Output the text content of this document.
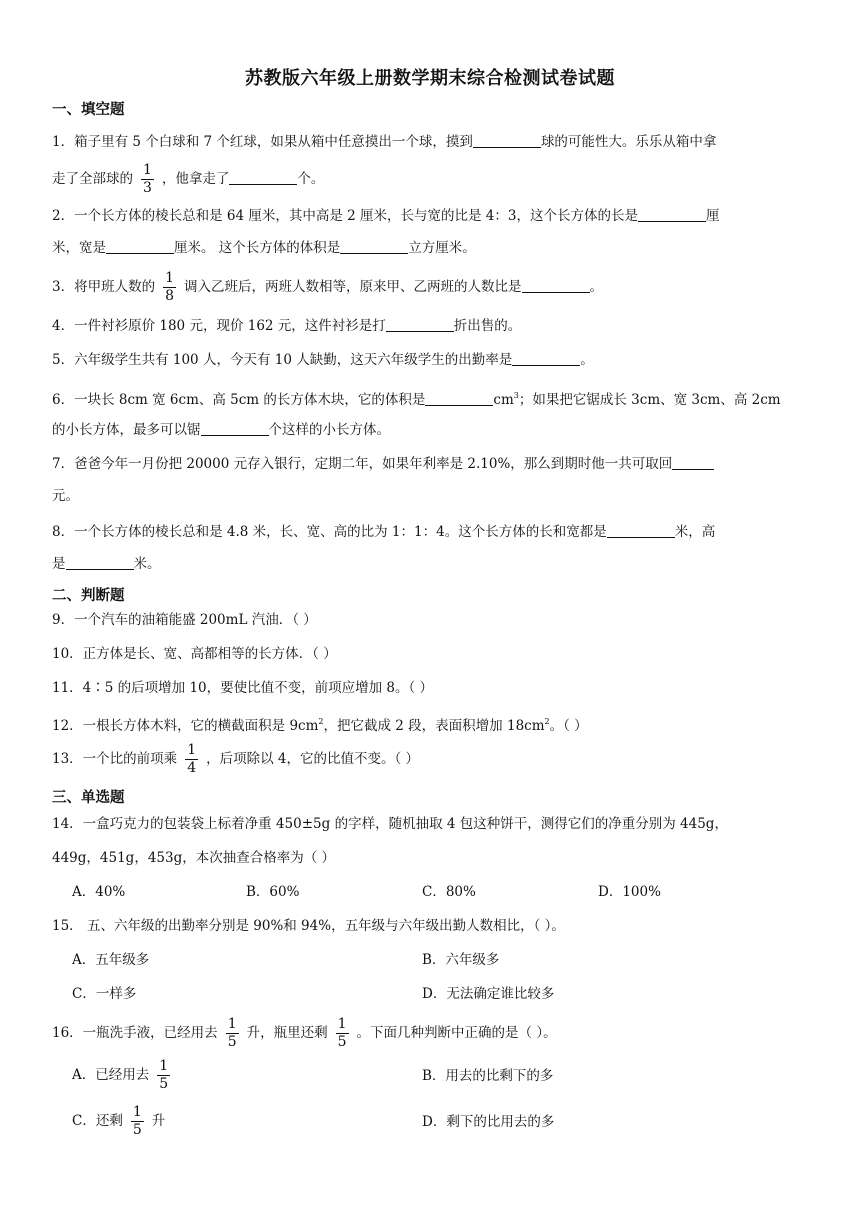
苏教版六年级上册数学期末综合检测试卷试题
一、填空题
1．箱子里有 5 个白球和 7 个红球，如果从箱中任意摸出一个球，摸到	球的可能性大。乐乐从箱中拿
走了全部球的 $\frac{1}{3}$ ，他拿走了	个。
2．一个长方体的棱长总和是 64 厘米，其中高是 2 厘米，长与宽的比是 4：3，这个长方体的长是	厘
米，宽是	厘米。 这个长方体的体积是	立方厘米。
3．将甲班人数的 $\frac{1}{8}$ 调入乙班后，两班人数相等，原来甲、乙两班的人数比是	。
4．一件衬衫原价 180 元，现价 162 元，这件衬衫是打	折出售的。
5．六年级学生共有 100 人，今天有 10 人缺勤，这天六年级学生的出勤率是	。
6．一块长 8cm 宽 6cm、高 5cm 的长方体木块，它的体积是	$cm^3$；如果把它锯成长 3cm、宽 3cm、高 2cm
的小长方体，最多可以锯	个这样的小长方体。
7．爸爸今年一月份把 20000 元存入银行，定期二年，如果年利率是 2.10%，那么到期时他一共可取回
元。
8．一个长方体的棱长总和是 4.8 米，长、宽、高的比为 1：1：4。这个长方体的长和宽都是	米，高
是	米。
二、判断题
9．一个汽车的油箱能盛 200mL 汽油．（ ）
10．正方体是长、宽、高都相等的长方体．（ ）
11．4∶5 的后项增加 10，要使比值不变，前项应增加 8。（ ）
12．一根长方体木料，它的横截面积是 $9cm^2$，把它截成 2 段，表面积增加 $18cm^2$。（ ）
13．一个比的前项乘 $\frac{1}{4}$ ，后项除以 4，它的比值不变。（ ）
三、单选题
14．一盒巧克力的包装袋上标着净重 450±5g 的字样，随机抽取 4 包这种饼干，测得它们的净重分别为 445g，
449g，451g，453g，本次抽查合格率为（ ）
A．40%	B．60%	C．80%	D．100%
15． 五、六年级的出勤率分别是 90%和 94%，五年级与六年级出勤人数相比，（ ）。
A．五年级多	B．六年级多
C．一样多	D．无法确定谁比较多
16．一瓶洗手液，已经用去 $\frac{1}{5}$ 升，瓶里还剩 $\frac{1}{5}$ 。下面几种判断中正确的是（ ）。
A．已经用去 $\frac{1}{5}$	B．用去的比剩下的多
C．还剩 $\frac{1}{5}$ 升	D．剩下的比用去的多
